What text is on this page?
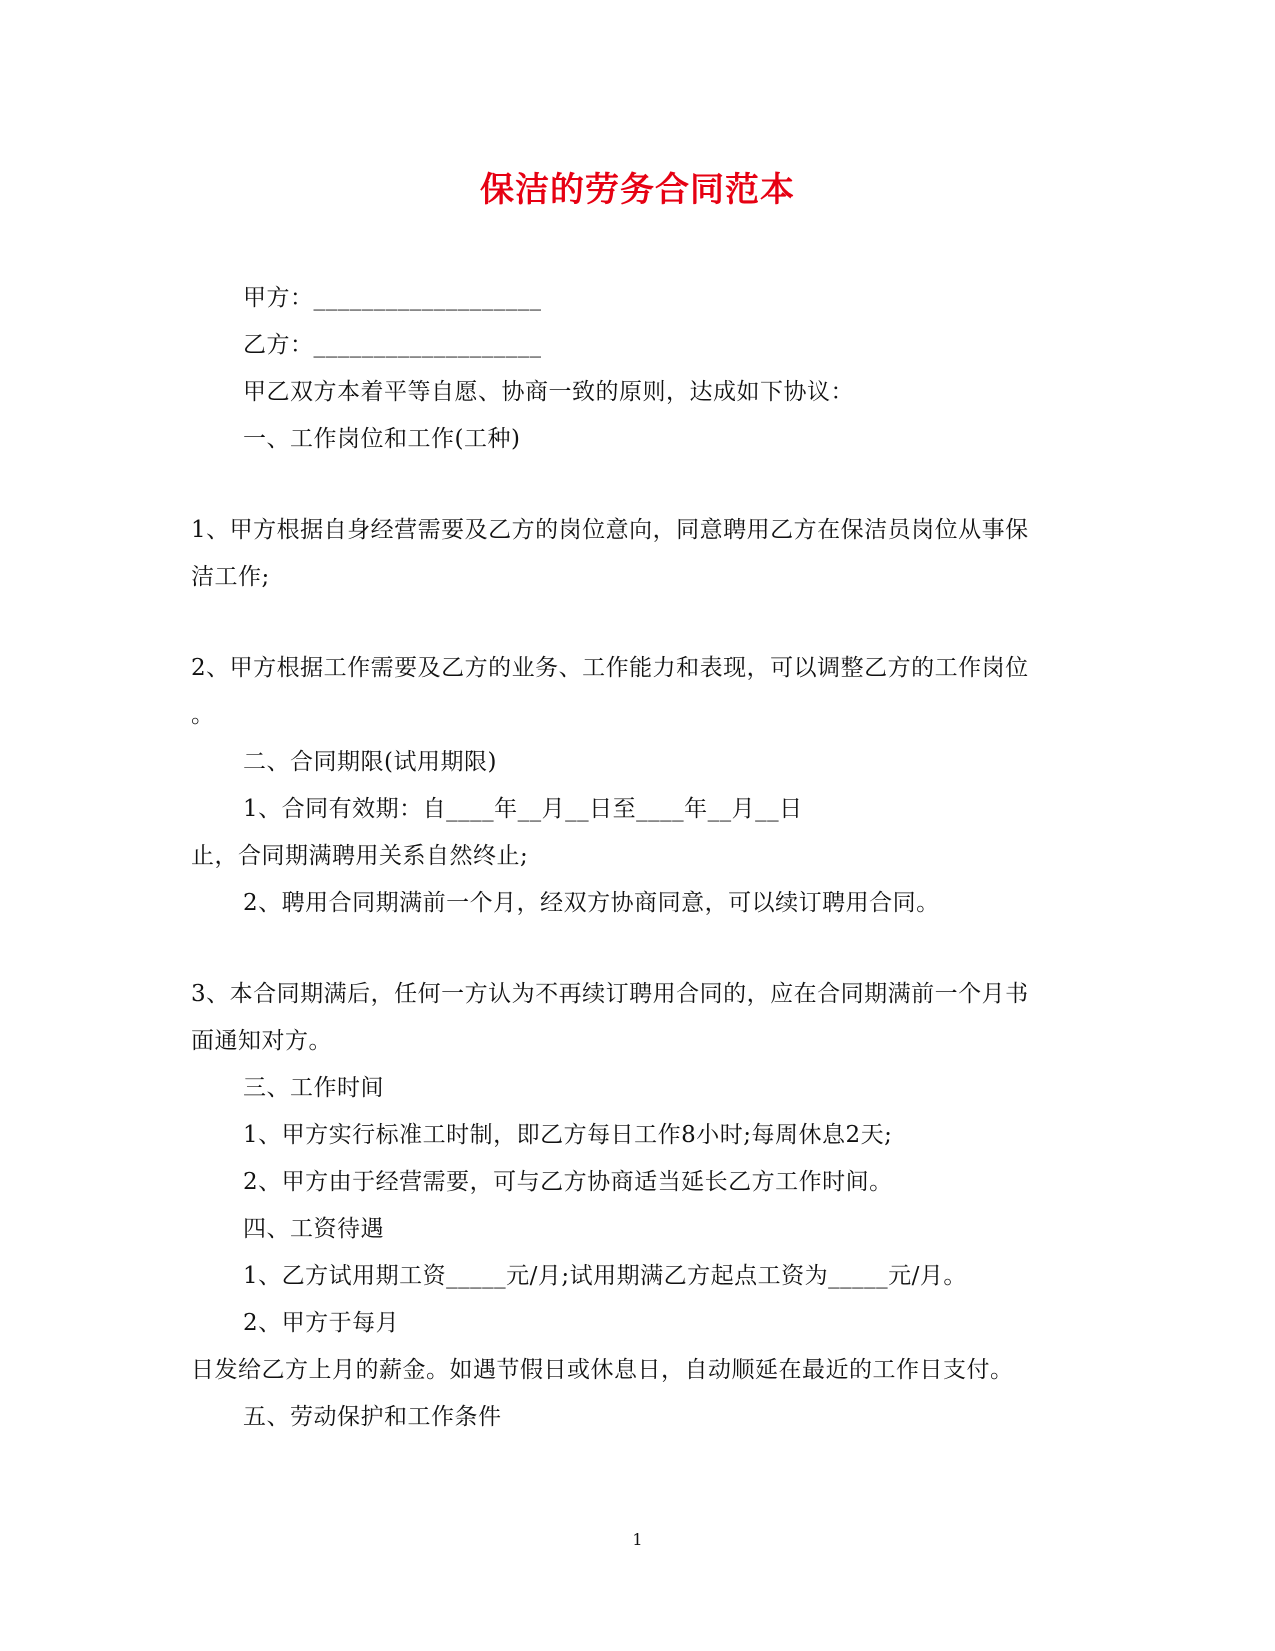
保洁的劳务合同范本
甲方：___________________
乙方：___________________
甲乙双方本着平等自愿、协商一致的原则，达成如下协议：
一、工作岗位和工作(工种)
1、甲方根据自身经营需要及乙方的岗位意向，同意聘用乙方在保洁员岗位从事保
洁工作;
2、甲方根据工作需要及乙方的业务、工作能力和表现，可以调整乙方的工作岗位
。
二、合同期限(试用期限)
1、合同有效期：自____年__月__日至____年__月__日
止，合同期满聘用关系自然终止;
2、聘用合同期满前一个月，经双方协商同意，可以续订聘用合同。
3、本合同期满后，任何一方认为不再续订聘用合同的，应在合同期满前一个月书
面通知对方。
三、工作时间
1、甲方实行标准工时制，即乙方每日工作8小时;每周休息2天;
2、甲方由于经营需要，可与乙方协商适当延长乙方工作时间。
四、工资待遇
1、乙方试用期工资_____元/月;试用期满乙方起点工资为_____元/月。
2、甲方于每月
日发给乙方上月的薪金。如遇节假日或休息日，自动顺延在最近的工作日支付。
五、劳动保护和工作条件
1
